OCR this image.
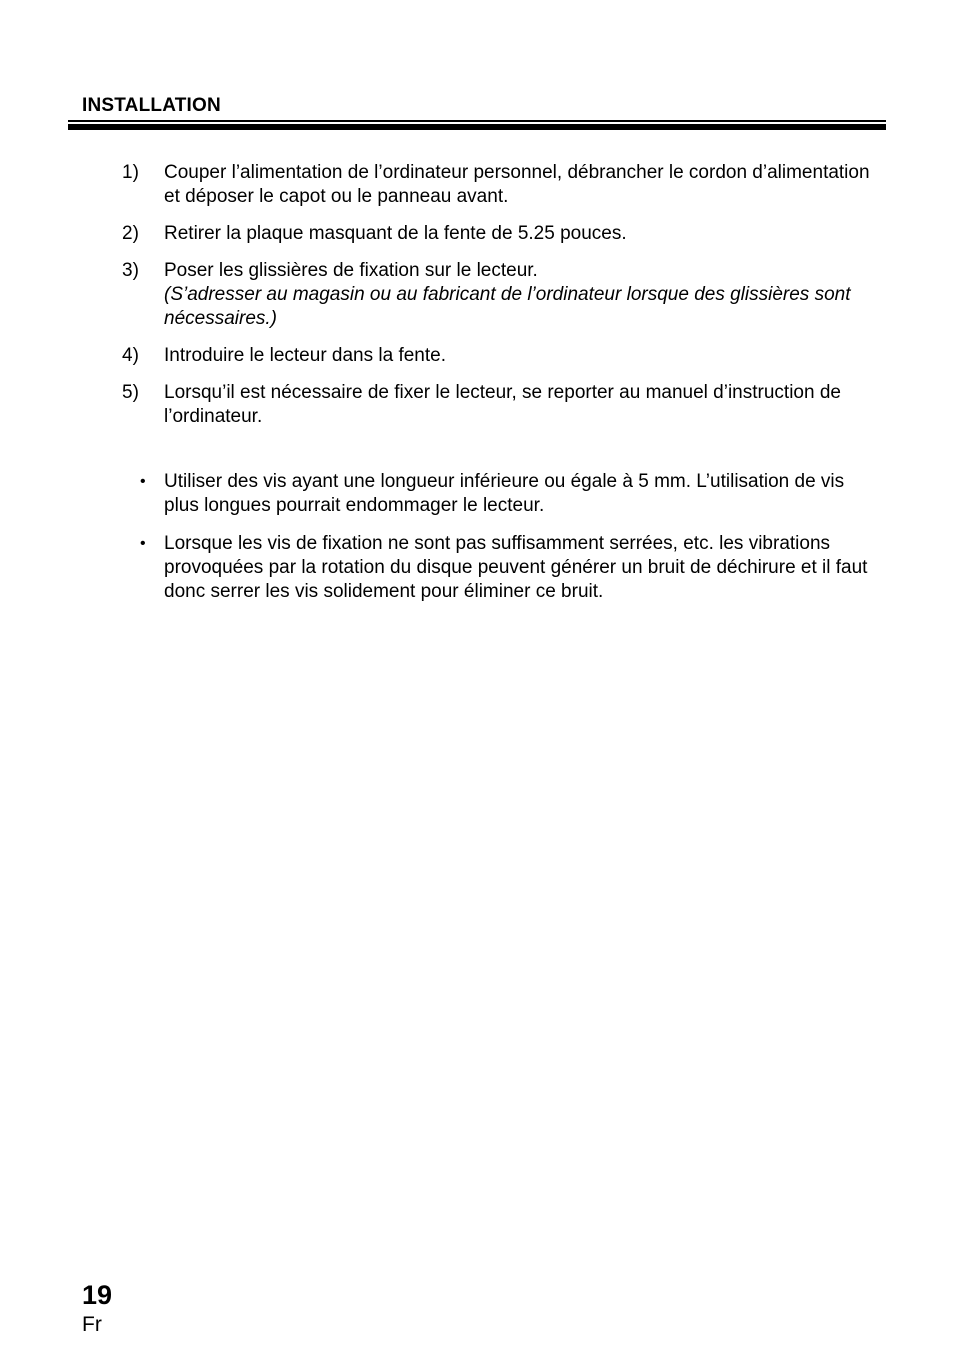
INSTALLATION
1)	Couper l’alimentation de l’ordinateur personnel, débrancher le cordon d’alimentation et déposer le capot ou le panneau avant.
2)	Retirer la plaque masquant de la fente de 5.25 pouces.
3)	Poser les glissières de fixation sur le lecteur.
(S’adresser au magasin ou au fabricant de l’ordinateur lorsque des glissières sont nécessaires.)
4)	Introduire le lecteur dans la fente.
5)	Lorsqu’il est nécessaire de fixer le lecteur, se reporter au manuel d’instruction de l’ordinateur.
• Utiliser des vis ayant une longueur inférieure ou égale à 5 mm. L’utilisation de vis plus longues pourrait endommager le lecteur.
• Lorsque les vis de fixation ne sont pas suffisamment serrées, etc. les vibrations provoquées par la rotation du disque peuvent générer un bruit de déchirure et il faut donc serrer les vis solidement pour éliminer ce bruit.
19
Fr
